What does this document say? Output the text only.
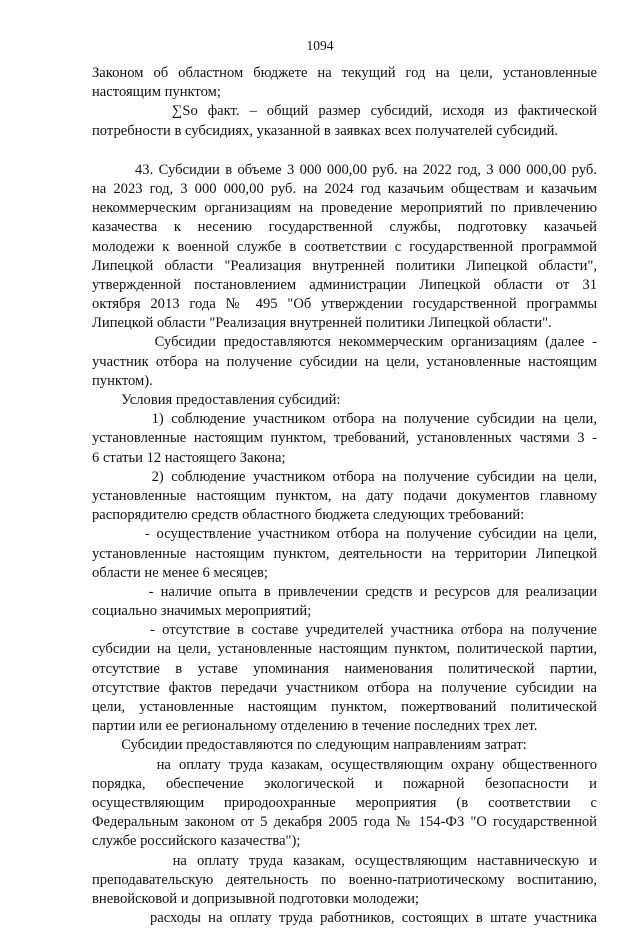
1094
Законом об областном бюджете на текущий год на цели, установленные
настоящим пунктом;
∑So факт. – общий размер субсидий, исходя из фактической
потребности в субсидиях, указанной в заявках всех получателей субсидий.
43. Субсидии в объеме 3 000 000,00 руб. на 2022 год, 3 000 000,00 руб.
на 2023 год, 3 000 000,00 руб. на 2024 год казачьим обществам и казачьим
некоммерческим организациям на проведение мероприятий по привлечению
казачества к несению государственной службы, подготовку казачьей
молодежи к военной службе в соответствии с государственной программой
Липецкой области "Реализация внутренней политики Липецкой области",
утвержденной постановлением администрации Липецкой области от 31
октября 2013 года № 495 "Об утверждении государственной программы
Липецкой области "Реализация внутренней политики Липецкой области".
Субсидии предоставляются некоммерческим организациям (далее -
участник отбора на получение субсидии на цели, установленные настоящим
пунктом).
Условия предоставления субсидий:
1) соблюдение участником отбора на получение субсидии на цели,
установленные настоящим пунктом, требований, установленных частями 3 -
6 статьи 12 настоящего Закона;
2) соблюдение участником отбора на получение субсидии на цели,
установленные настоящим пунктом, на дату подачи документов главному
распорядителю средств областного бюджета следующих требований:
- осуществление участником отбора на получение субсидии на цели,
установленные настоящим пунктом, деятельности на территории Липецкой
области не менее 6 месяцев;
- наличие опыта в привлечении средств и ресурсов для реализации
социально значимых мероприятий;
- отсутствие в составе учредителей участника отбора на получение
субсидии на цели, установленные настоящим пунктом, политической партии,
отсутствие в уставе упоминания наименования политической партии,
отсутствие фактов передачи участником отбора на получение субсидии на
цели, установленные настоящим пунктом, пожертвований политической
партии или ее региональному отделению в течение последних трех лет.
Субсидии предоставляются по следующим направлениям затрат:
на оплату труда казакам, осуществляющим охрану общественного
порядка, обеспечение экологической и пожарной безопасности и
осуществляющим природоохранные мероприятия (в соответствии с
Федеральным законом от 5 декабря 2005 года № 154-ФЗ "О государственной
службе российского казачества");
на оплату труда казакам, осуществляющим наставническую и
преподавательскую деятельность по военно-патриотическому воспитанию,
вневойсковой и допризывной подготовки молодежи;
расходы на оплату труда работников, состоящих в штате участника
